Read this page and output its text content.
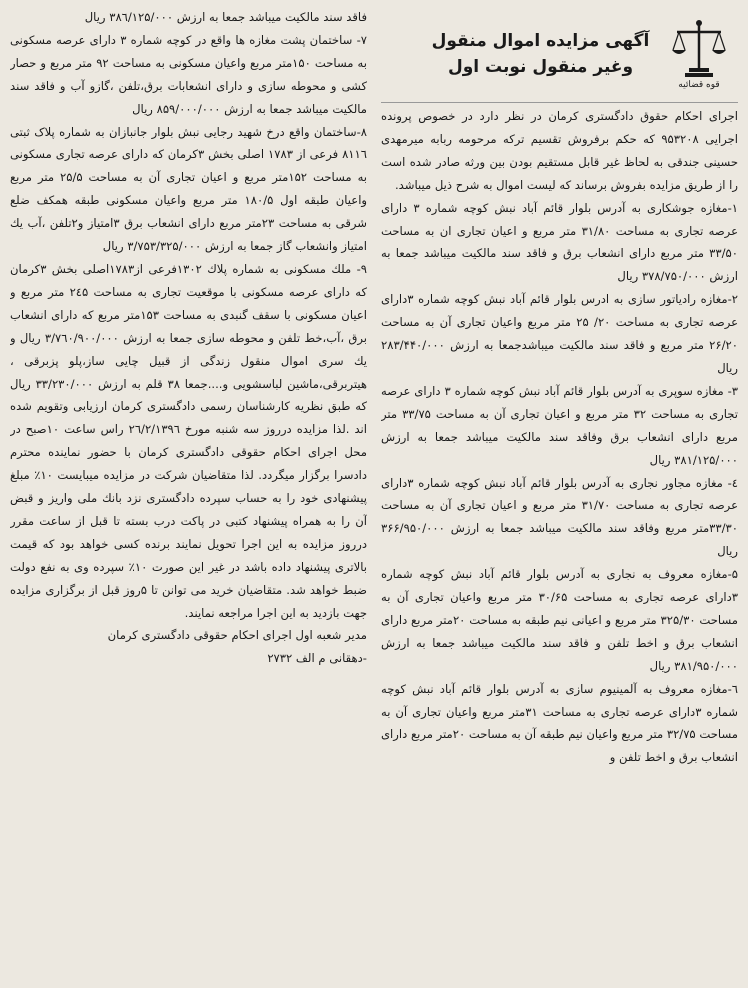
فاقد سند مالکیت میباشد جمعا به ارزش ۳۸٦/۱۲۵/۰۰۰ ریال

۷- ساختمان پشت مغازه ها واقع در کوچه شماره ۳ دارای عرصه مسکونی به مساحت ۱۵۰متر مربع واعیان مسکونی به مساحت ۹۲ متر مربع و حصار کشی و محوطه سازی و دارای انشعابات برق،تلفن ،گازو آب و فاقد سند مالکیت میباشد جمعا به ارزش ۸۵۹/۰۰۰/۰۰۰ ریال

۸-ساختمان واقع درخ شهید رجایی نبش بلوار جانبازان به شماره پلاک ثبتی ۸۱۱٦ فرعی از ۱۷۸۳ اصلی بخش ۳کرمان که دارای عرصه تجاری مسکونی به مساحت ۱۵۲متر مربع و اعیان تجاری آن به مساحت ۲۵/۵ متر مربع واعیان طبقه اول ۱۸۰/۵ متر مربع واعیان مسکونی طبقه همکف ضلع شرقی به مساحت ۲۳متر مربع دارای انشعاب برق ۳امتیاز و۲تلفن ،آب یك امتیاز وانشعاب گاز جمعا به ارزش ۳/۷۵۳/۳۲۵/۰۰۰ ریال

۹- ملك مسکونی به شماره پلاك ۱۳۰۲فرعی از۱۷۸۳اصلی بخش ۳کرمان که دارای عرصه مسکونی با موقعیت تجاری به مساحت ۲٤۵ متر مربع و اعیان مسکونی با سقف گنبدی به مساحت ۱۵۳متر مربع که دارای انشعاب برق ،آب،خط تلفن و محوطه سازی جمعا به ارزش ۳/۷٦۰/۹۰۰/۰۰۰ ریال و یك سری اموال منقول زندگی از قبیل چایی ساز،پلو پزبرقی ، هیتربرقی،ماشین لباسشویی و....جمعا ۳۸ قلم به ارزش ۳۳/۲۳۰/۰۰۰ ریال که طبق نظریه کارشناسان رسمی دادگستری کرمان ارزیابی وتقویم شده اند .لذا مزایده درروز سه شنبه مورخ ۲٦/۲/۱۳۹٦ راس ساعت ۱۰صبح در محل اجرای احکام حقوقی دادگستری کرمان با حضور نماینده محترم دادسرا برگزار میگردد. لذا متقاضیان شرکت در مزایده میبایست ۱۰٪ مبلغ پیشنهادی خود را به حساب سپرده دادگستری نزد بانك ملی واریز و قبض آن را به همراه پیشنهاد کتبی در پاکت درب بسته تا قبل از ساعت مقرر درروز مزایده به این اجرا تحویل نمایند برنده کسی خواهد بود که قیمت بالاتری پیشنهاد داده باشد در غیر این صورت ۱۰٪ سپرده وی به نفع دولت ضبط خواهد شد. متقاضیان خرید می توانن تا ۵روز قبل از برگزاری مزایده جهت بازدید به این اجرا مراجعه نمایند.

مدیر شعبه اول اجرای احکام حقوقی دادگستری کرمان

-دهقانی م الف ۲۷۳۲

قوه قضائیه
آگهی مزایده اموال منقول
وغیر منقول نوبت اول

اجرای احکام حقوق دادگستری کرمان در نظر دارد در خصوص پرونده اجرایی ۹۵۳۲۰۸ که حکم برفروش تقسیم ترکه مرحومه ربابه میرمهدی حسینی جندقی به لحاظ غیر قابل مستقیم بودن بین ورثه صادر شده است را از طریق مزایده بفروش برساند که لیست اموال به شرح ذیل میباشد.

۱-مغازه جوشکاری به آدرس بلوار قائم آباد نبش کوچه شماره ۳ دارای عرصه تجاری به مساحت ۳۱/۸۰ متر مربع و اعیان تجاری ان به مساحت ۳۳/۵۰ متر مربع دارای انشعاب برق و فاقد سند مالکیت میباشد جمعا به ارزش ۳۷۸/۷۵۰/۰۰۰ ریال

۲-مغازه رادیاتور سازی به ادرس بلوار قائم آباد نبش کوچه شماره ۳دارای عرصه تجاری به مساحت ۲۰/ ۲۵ متر مربع واعیان تجاری آن به مساحت ۲۶/۲۰ متر مربع و فاقد سند مالکیت میباشدجمعا به ارزش ۲۸۳/۴۴۰/۰۰۰ ریال

۳- مغازه سوپری به آدرس بلوار قائم آباد نبش کوچه شماره ۳ دارای عرصه تجاری به مساحت ۳۲ متر مربع و اعیان تجاری آن به مساحت ۳۳/۷۵ متر مربع دارای انشعاب برق وفاقد سند مالکیت میباشد جمعا به ارزش ۳۸۱/۱۲۵/۰۰۰ ریال

٤- مغازه مجاور نجاری به آدرس بلوار قائم آباد نبش کوچه شماره ۳دارای عرصه تجاری به مساحت ۳۱/۷۰ متر مربع و اعیان تجاری آن به مساحت ۳۳/۳۰متر مربع وفاقد سند مالکیت میباشد جمعا به ارزش ۳۶۶/۹۵۰/۰۰۰ ریال

۵-مغازه معروف به نجاری به آدرس بلوار قائم آباد نبش کوچه شماره ۳دارای عرصه تجاری به مساحت ۳۰/۶۵ متر مربع واعیان تجاری آن به مساحت ۳۲۵/۳۰ متر مربع و اعیانی نیم طبقه به مساحت ۲۰متر مربع دارای انشعاب برق و اخط تلفن و فاقد سند مالکیت میباشد جمعا به ارزش ۳۸۱/۹۵۰/۰۰۰ ریال

٦-مغازه معروف به آلمینیوم سازی به آدرس بلوار قائم آباد نبش کوچه شماره ۳دارای عرصه تجاری به مساحت ۳۱متر مربع واعیان تجاری آن به مساحت ۳۲/۷۵ متر مربع واعیان نیم طبقه آن به مساحت ۲۰متر مربع دارای انشعاب برق و اخط تلفن و
